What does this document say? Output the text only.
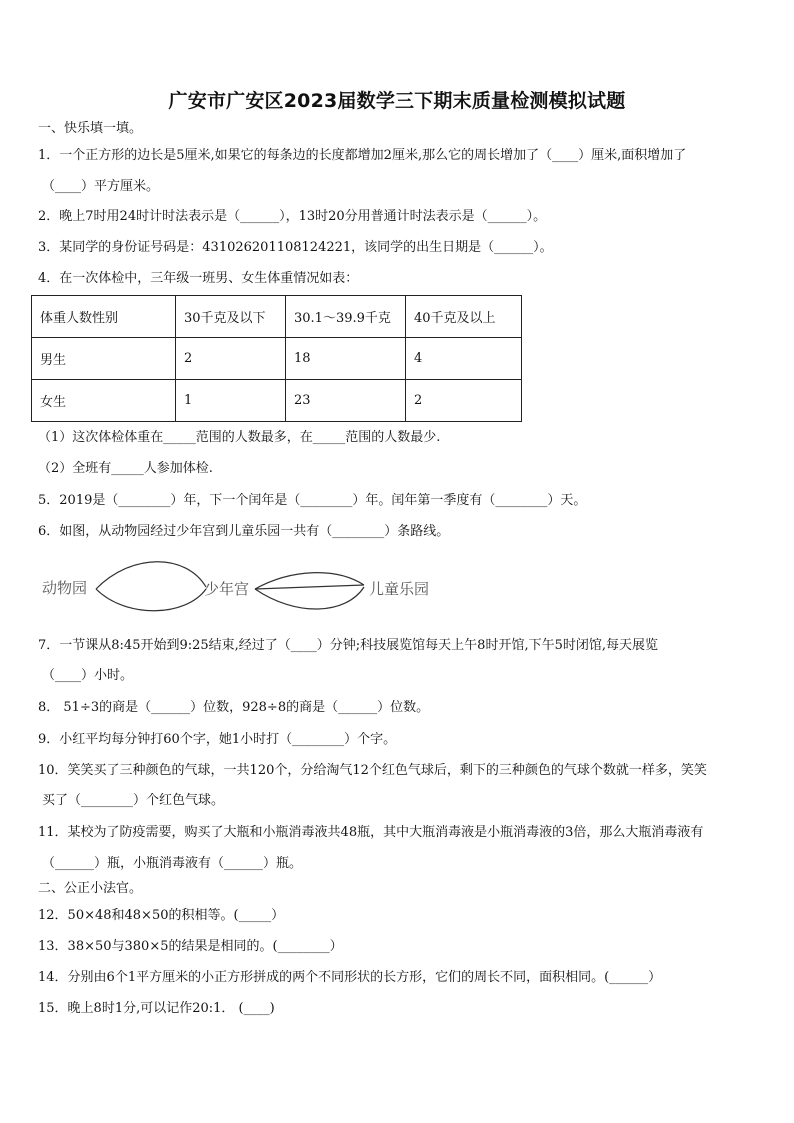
广安市广安区2023届数学三下期末质量检测模拟试题
一、快乐填一填。
1．一个正方形的边长是5厘米,如果它的每条边的长度都增加2厘米,那么它的周长增加了（____）厘米,面积增加了
（____）平方厘米。
2．晚上7时用24时计时法表示是（______），13时20分用普通计时法表示是（______）。
3．某同学的身份证号码是：431026201108124221，该同学的出生日期是（______）。
4．在一次体检中，三年级一班男、女生体重情况如表：
体重人数性别	30千克及以下	30.1～39.9千克	40千克及以上
男生	2	18	4
女生	1	23	2
（1）这次体检体重在_____范围的人数最多，在_____范围的人数最少.
（2）全班有_____人参加体检.
5．2019是（________）年，下一个闰年是（________）年。闰年第一季度有（________）天。
6．如图，从动物园经过少年宫到儿童乐园一共有（________）条路线。
动物园	少年宫	儿童乐园
7．一节课从8:45开始到9:25结束,经过了（____）分钟;科技展览馆每天上午8时开馆,下午5时闭馆,每天展览
（____）小时。
8． 51÷3的商是（______）位数，928÷8的商是（______）位数。
9．小红平均每分钟打60个字，她1小时打（________）个字。
10．笑笑买了三种颜色的气球，一共120个，分给淘气12个红色气球后，剩下的三种颜色的气球个数就一样多，笑笑
买了（________）个红色气球。
11．某校为了防疫需要，购买了大瓶和小瓶消毒液共48瓶，其中大瓶消毒液是小瓶消毒液的3倍，那么大瓶消毒液有
（______）瓶，小瓶消毒液有（______）瓶。
二、公正小法官。
12．50×48和48×50的积相等。(_____）
13．38×50与380×5的结果是相同的。(________）
14．分别由6个1平方厘米的小正方形拼成的两个不同形状的长方形，它们的周长不同，面积相同。(______）
15．晚上8时1分,可以记作20:1． (____)
